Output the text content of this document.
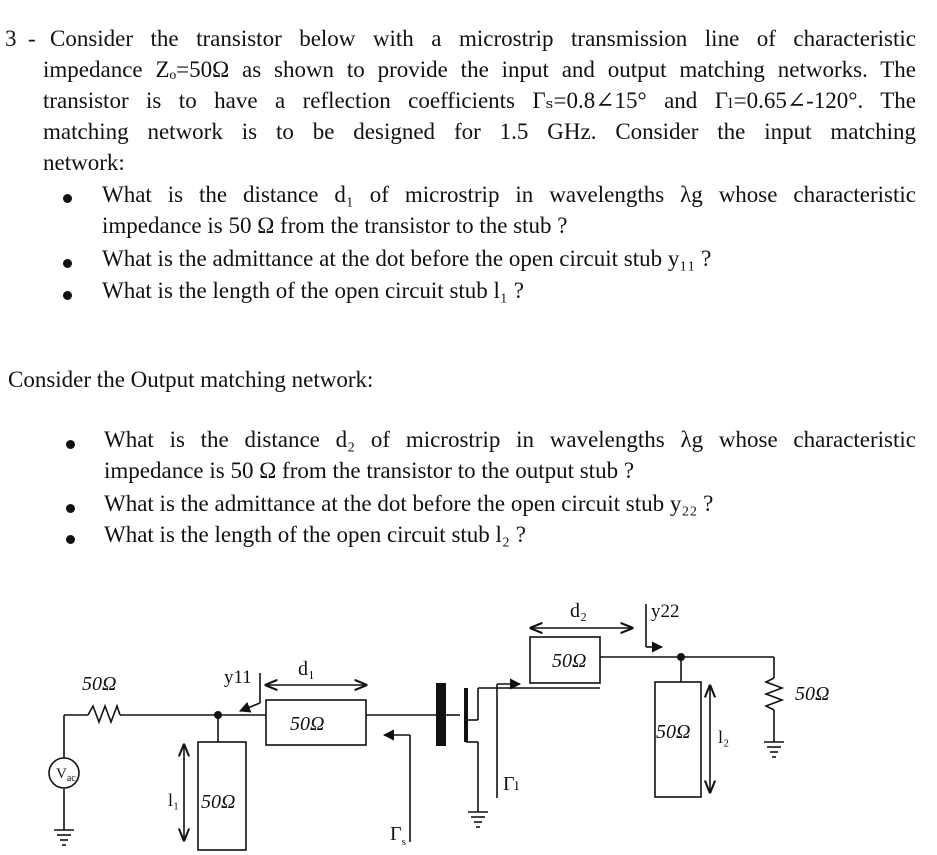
3 - Consider the transistor below with a microstrip transmission line of characteristic
impedance Zₒ=50Ω as shown to provide the input and output matching networks. The
transistor is to have a reflection coefficients Γₛ=0.8∠15° and Γₗ=0.65∠-120°. The
matching network is to be designed for 1.5 GHz. Consider the input matching
network:
What is the distance d₁ of microstrip in wavelengths λg whose characteristic
impedance is 50 Ω from the transistor to the stub ?
What is the admittance at the dot before the open circuit stub y₁₁ ?
What is the length of the open circuit stub l₁ ?
Consider the Output matching network:
What is the distance d₂ of microstrip in wavelengths λg whose characteristic
impedance is 50 Ω from the transistor to the output stub ?
What is the admittance at the dot before the open circuit stub y₂₂ ?
What is the length of the open circuit stub l₂ ?
50Ω
$V_{ac}$
y11 d₁
50Ω
l₁ 50Ω
$\Gamma_s$
Γₗ
d₂
50Ω
y22
50Ω l₂
50Ω
